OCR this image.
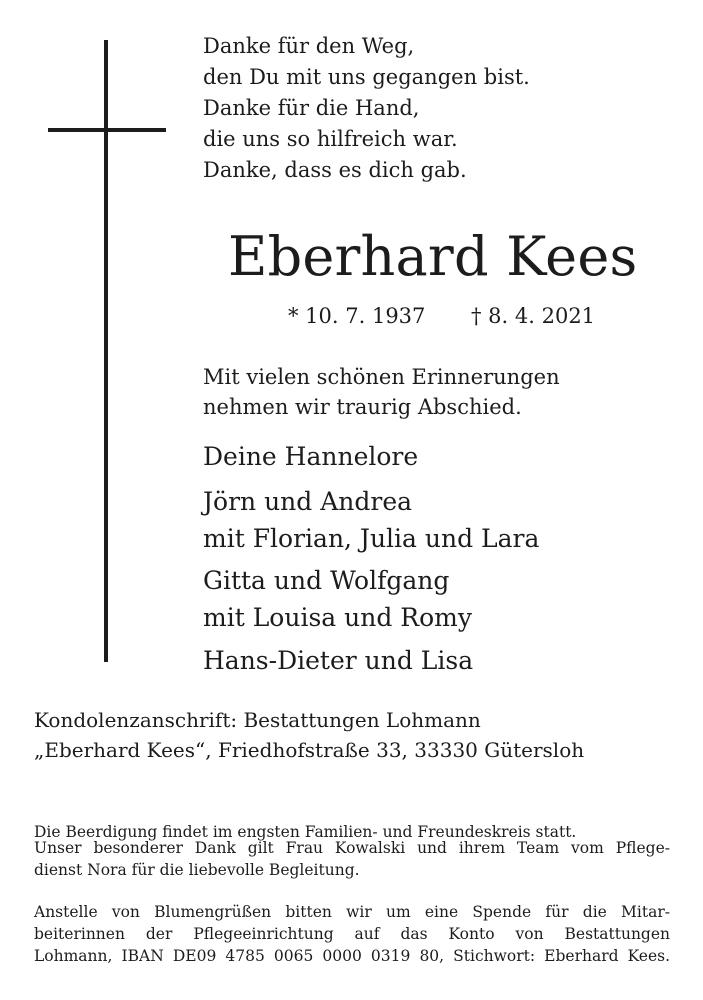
Danke für den Weg,
den Du mit uns gegangen bist.
Danke für die Hand,
die uns so hilfreich war.
Danke, dass es dich gab.
Eberhard Kees
* 10. 7. 1937 † 8. 4. 2021
Mit vielen schönen Erinnerungen
nehmen wir traurig Abschied.
Deine Hannelore
Jörn und Andrea
mit Florian, Julia und Lara
Gitta und Wolfgang
mit Louisa und Romy
Hans-Dieter und Lisa
Kondolenzanschrift: Bestattungen Lohmann
„Eberhard Kees“, Friedhofstraße 33, 33330 Gütersloh
Die Beerdigung findet im engsten Familien- und Freundeskreis statt.
Unser besonderer Dank gilt Frau Kowalski und ihrem Team vom Pflege-
dienst Nora für die liebevolle Begleitung.
Anstelle von Blumengrüßen bitten wir um eine Spende für die Mitar-
beiterinnen der Pflegeeinrichtung auf das Konto von Bestattungen
Lohmann, IBAN DE09 4785 0065 0000 0319 80, Stichwort: Eberhard Kees.
